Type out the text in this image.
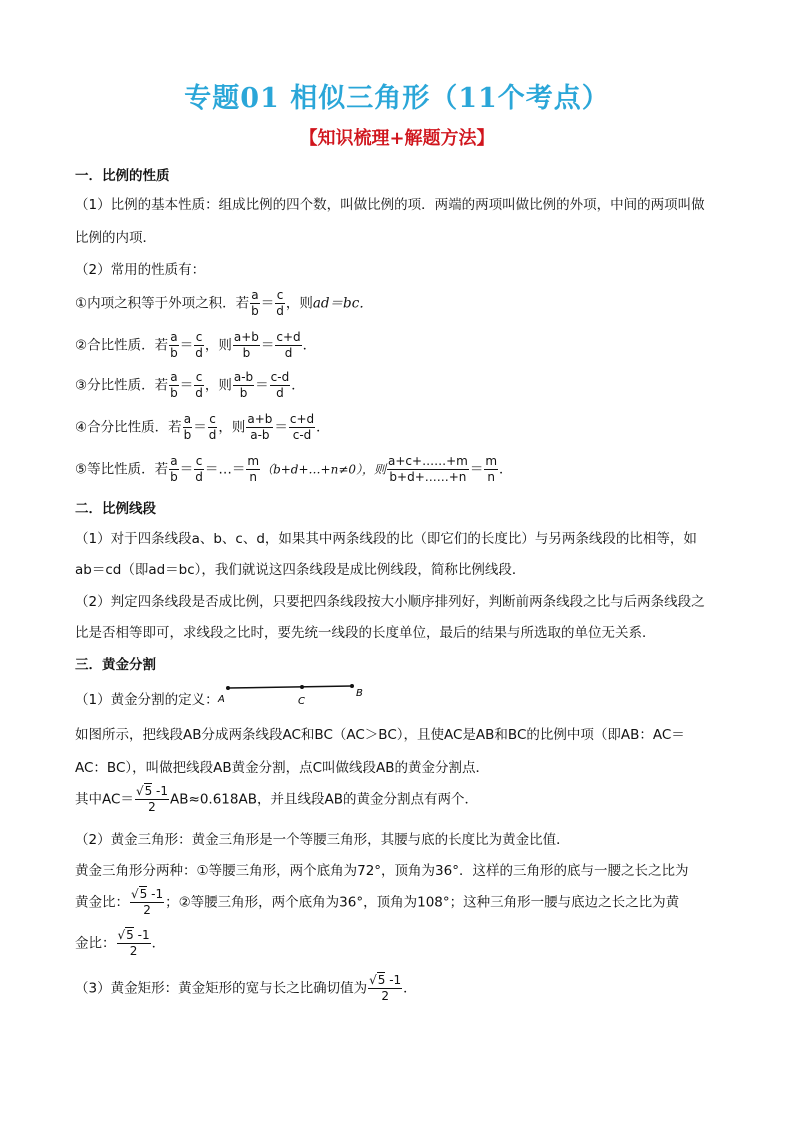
专题01 相似三角形（11个考点）
【知识梳理+解题方法】
一．比例的性质
（1）比例的基本性质：组成比例的四个数，叫做比例的项．两端的两项叫做比例的外项，中间的两项叫做
比例的内项．
（2）常用的性质有：
①内项之积等于外项之积．若 $\frac{a}{b} = \frac{c}{d}$ ，则ad＝bc．
②合比性质．若 $\frac{a}{b} = \frac{c}{d}$ ，则 $\frac{a+b}{b} = \frac{c+d}{d}$ ．
③分比性质．若 $\frac{a}{b} = \frac{c}{d}$ ，则 $\frac{a-b}{b} = \frac{c-d}{d}$ ．
④合分比性质．若 $\frac{a}{b} = \frac{c}{d}$ ，则 $\frac{a+b}{a-b} = \frac{c+d}{c-d}$ ．
⑤等比性质．若 $\frac{a}{b} = \frac{c}{d}$ ＝…＝ $\frac{m}{n}$ （b+d+…+n≠0），则 $\frac{a+c+\dots\dots+m}{b+d+\dots\dots+n} = \frac{m}{n}$ ．
二．比例线段
（1）对于四条线段a、b、c、d，如果其中两条线段的比（即它们的长度比）与另两条线段的比相等，如
ab＝cd（即ad＝bc），我们就说这四条线段是成比例线段，简称比例线段．
（2）判定四条线段是否成比例，只要把四条线段按大小顺序排列好，判断前两条线段之比与后两条线段之
比是否相等即可，求线段之比时，要先统一线段的长度单位，最后的结果与所选取的单位无关系．
三．黄金分割
（1）黄金分割的定义： A	C
B
如图所示，把线段AB分成两条线段AC和BC（AC＞BC），且使AC是AB和BC的比例中项（即AB：AC＝
AC：BC），叫做把线段AB黄金分割，点C叫做线段AB的黄金分割点．
其中$AC= \frac{√5 -1}{2} AB\approx 0.618AB$，并且线段AB的黄金分割点有两个．
（2）黄金三角形：黄金三角形是一个等腰三角形，其腰与底的长度比为黄金比值．
黄金三角形分两种：①等腰三角形，两个底角为72°，顶角为36°．这样的三角形的底与一腰之长之比为
黄金比： $\frac{√5 -1}{2}$ ；②等腰三角形，两个底角为36°，顶角为108°；这种三角形一腰与底边之长之比为黄
金比： $\frac{√5 -1}{2}$ ．
（3）黄金矩形：黄金矩形的宽与长之比确切值为 $\frac{√5 -1}{2}$ ．
